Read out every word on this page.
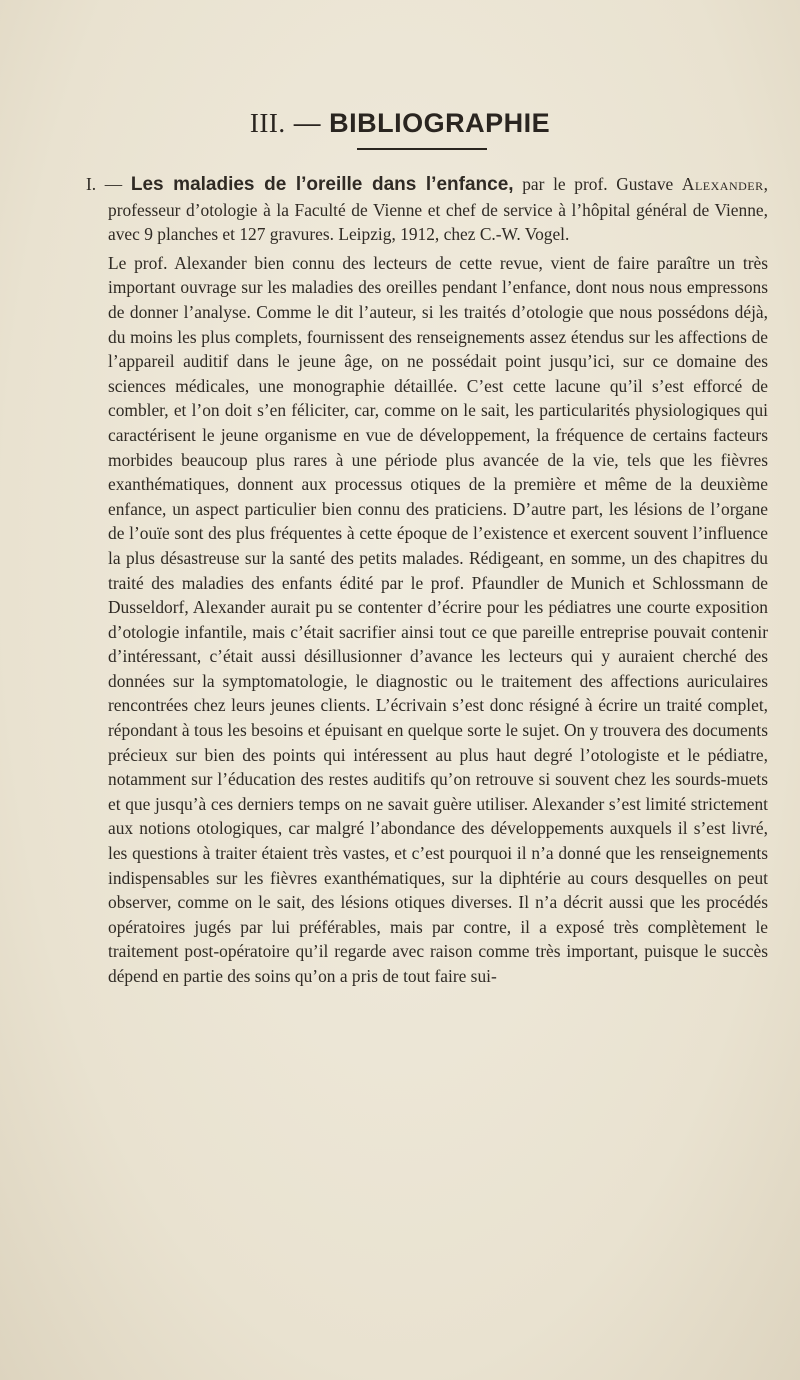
III. — BIBLIOGRAPHIE

I. — Les maladies de l’oreille dans l’enfance, par le prof. Gustave Alexander, professeur d’otologie à la Faculté de Vienne et chef de service à l’hôpital général de Vienne, avec 9 planches et 127 gravures. Leipzig, 1912, chez C.-W. Vogel.

Le prof. Alexander bien connu des lecteurs de cette revue, vient de faire paraître un très important ouvrage sur les maladies des oreilles pendant l’enfance, dont nous nous empressons de donner l’analyse. Comme le dit l’auteur, si les traités d’otologie que nous possédons déjà, du moins les plus complets, fournissent des renseignements assez étendus sur les affections de l’appareil auditif dans le jeune âge, on ne possédait point jusqu’ici, sur ce domaine des sciences médicales, une monographie détaillée. C’est cette lacune qu’il s’est efforcé de combler, et l’on doit s’en féliciter, car, comme on le sait, les particularités physiologiques qui caractérisent le jeune organisme en vue de développement, la fréquence de certains facteurs morbides beaucoup plus rares à une période plus avancée de la vie, tels que les fièvres exanthématiques, donnent aux processus otiques de la première et même de la deuxième enfance, un aspect particulier bien connu des praticiens. D’autre part, les lésions de l’organe de l’ouïe sont des plus fréquentes à cette époque de l’existence et exercent souvent l’influence la plus désastreuse sur la santé des petits malades. Rédigeant, en somme, un des chapitres du traité des maladies des enfants édité par le prof. Pfaundler de Munich et Schlossmann de Dusseldorf, Alexander aurait pu se contenter d’écrire pour les pédiatres une courte exposition d’otologie infantile, mais c’était sacrifier ainsi tout ce que pareille entreprise pouvait contenir d’intéressant, c’était aussi désillusionner d’avance les lecteurs qui y auraient cherché des données sur la symptomatologie, le diagnostic ou le traitement des affections auriculaires rencontrées chez leurs jeunes clients. L’écrivain s’est donc résigné à écrire un traité complet, répondant à tous les besoins et épuisant en quelque sorte le sujet. On y trouvera des documents précieux sur bien des points qui intéressent au plus haut degré l’otologiste et le pédiatre, notamment sur l’éducation des restes auditifs qu’on retrouve si souvent chez les sourds-muets et que jusqu’à ces derniers temps on ne savait guère utiliser. Alexander s’est limité strictement aux notions otologiques, car malgré l’abondance des développements auxquels il s’est livré, les questions à traiter étaient très vastes, et c’est pourquoi il n’a donné que les renseignements indispensables sur les fièvres exanthématiques, sur la diphtérie au cours desquelles on peut observer, comme on le sait, des lésions otiques diverses. Il n’a décrit aussi que les procédés opératoires jugés par lui préférables, mais par contre, il a exposé très complètement le traitement post-opératoire qu’il regarde avec raison comme très important, puisque le succès dépend en partie des soins qu’on a pris de tout faire sui-
